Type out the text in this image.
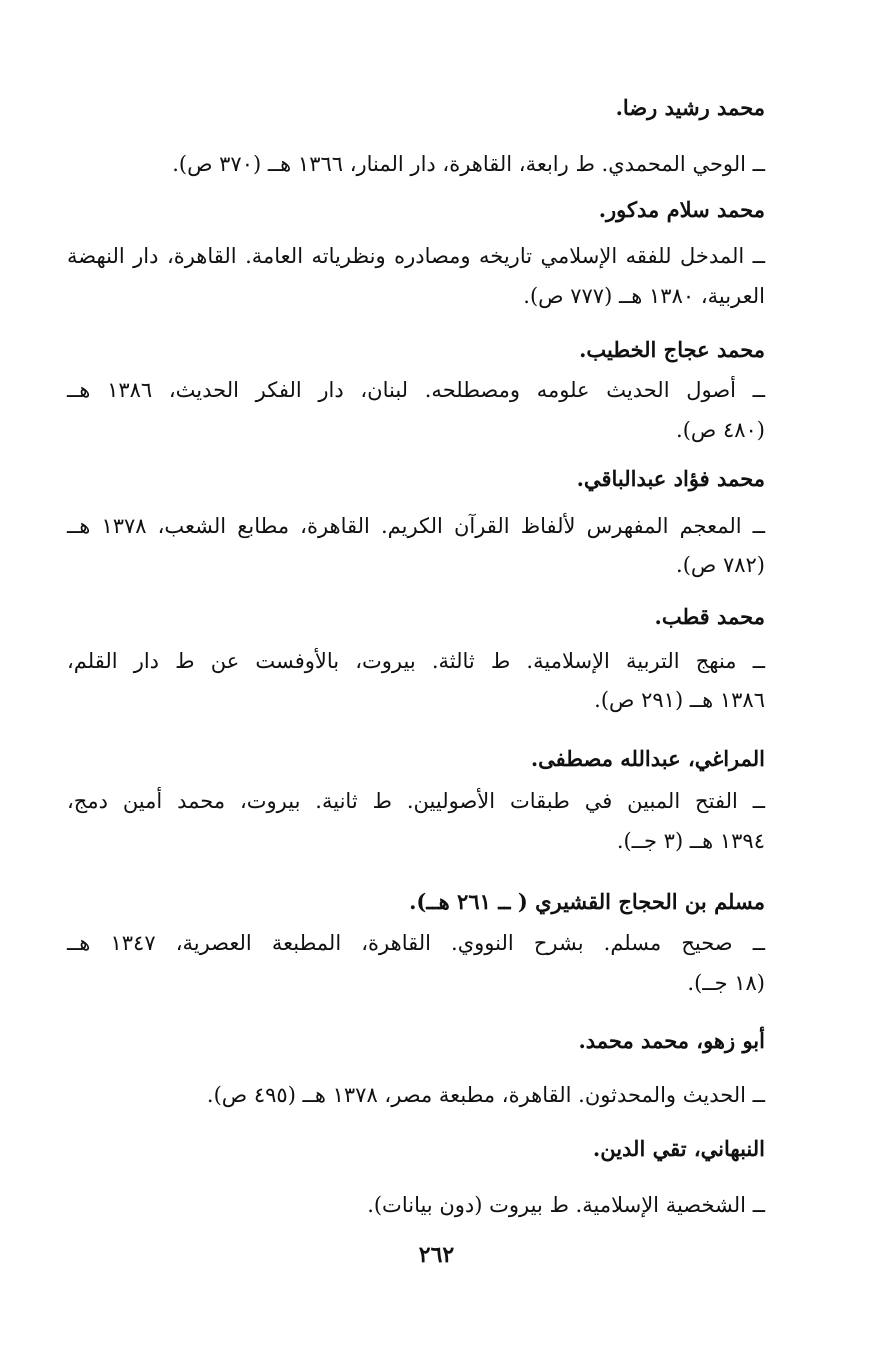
محمد رشيد رضا.
ــ الوحي المحمدي. ط رابعة، القاهرة، دار المنار، ١٣٦٦ هــ (٣٧٠ ص).
محمد سلام مدكور.
ــ المدخل للفقه الإسلامي تاريخه ومصادره ونظرياته العامة. القاهرة، دار النهضة
العربية، ١٣٨٠ هــ (٧٧٧ ص).
محمد عجاج الخطيب.
ــ أصول الحديث علومه ومصطلحه. لبنان، دار الفكر الحديث، ١٣٨٦ هــ
(٤٨٠ ص).
محمد فؤاد عبدالباقي.
ــ المعجم المفهرس لألفاظ القرآن الكريم. القاهرة، مطابع الشعب، ١٣٧٨ هــ
(٧٨٢ ص).
محمد قطب.
ــ منهج التربية الإسلامية. ط ثالثة. بيروت، بالأوفست عن ط دار القلم،
١٣٨٦ هــ (٢٩١ ص).
المراغي، عبدالله مصطفى.
ــ الفتح المبين في طبقات الأصوليين. ط ثانية. بيروت، محمد أمين دمج،
١٣٩٤ هــ (٣ جــ).
مسلم بن الحجاج القشيري ( ــ ٢٦١ هــ).
ــ صحيح مسلم. بشرح النووي. القاهرة، المطبعة العصرية، ١٣٤٧ هــ
(١٨ جــ).
أبو زهو، محمد محمد.
ــ الحديث والمحدثون. القاهرة، مطبعة مصر، ١٣٧٨ هــ (٤٩٥ ص).
النبهاني، تقي الدين.
ــ الشخصية الإسلامية. ط بيروت (دون بيانات).
٢٦٢
